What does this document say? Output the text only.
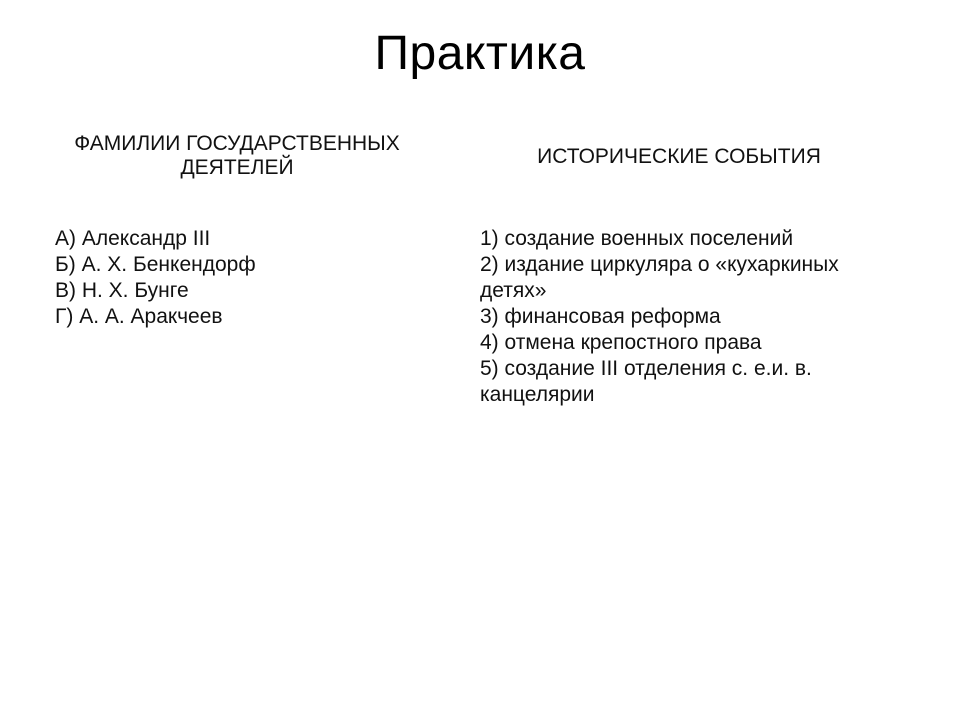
Практика
ФАМИЛИИ ГОСУДАРСТВЕННЫХ ДЕЯТЕЛЕЙ	ИСТОРИЧЕСКИЕ СОБЫТИЯ
А) Александр III
Б) А. Х. Бенкендорф
В) Н. Х. Бунге
Г) А. А. Аракчеев
1) создание военных поселений
2) издание циркуляра о «кухаркиных детях»
3) финансовая реформа
4) отмена крепостного права
5) создание III отделения с. е.и. в. канцелярии
